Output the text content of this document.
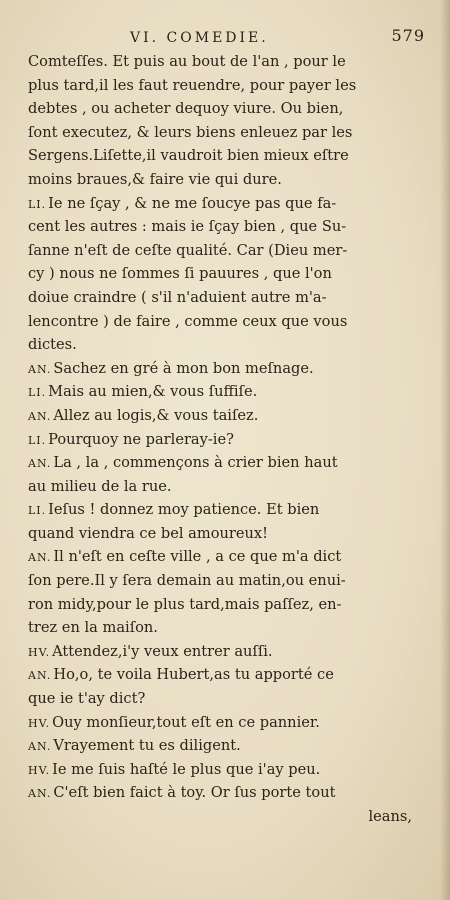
VI. COMEDIE.	579
Comteſſes. Et puis au bout de l'an , pour le
plus tard,il les faut reuendre, pour payer les
debtes , ou acheter dequoy viure. Ou bien,
ſont executez, & leurs biens enleuez par les
Sergens.Liſette,il vaudroit bien mieux eſtre
moins braues,& faire vie qui dure.
LI. Ie ne ſçay , & ne me ſoucye pas que fa-
cent les autres : mais ie ſçay bien , que Su-
ſanne n'eſt de ceſte qualité. Car (Dieu mer-
cy ) nous ne ſommes ſi pauures , que l'on
doiue craindre ( s'il n'aduient autre m'a-
lencontre ) de faire , comme ceux que vous
dictes.
AN. Sachez en gré à mon bon meſnage.
LI. Mais au mien,& vous ſuffiſe.
AN. Allez au logis,& vous taiſez.
LI. Pourquoy ne parleray-ie?
AN. La , la , commençons à crier bien haut
au milieu de la rue.
LI. Ieſus ! donnez moy patience. Et bien
quand viendra ce bel amoureux!
AN. Il n'eſt en ceſte ville , a ce que m'a dict
ſon pere.Il y ſera demain au matin,ou enui-
ron midy,pour le plus tard,mais paſſez, en-
trez en la maiſon.
HV. Attendez,i'y veux entrer auſſi.
AN. Ho,o, te voila Hubert,as tu apporté ce
que ie t'ay dict?
HV. Ouy monſieur,tout eſt en ce pannier.
AN. Vrayement tu es diligent.
HV. Ie me ſuis haſté le plus que i'ay peu.
AN. C'eſt bien faict à toy. Or ſus porte tout
leans,
